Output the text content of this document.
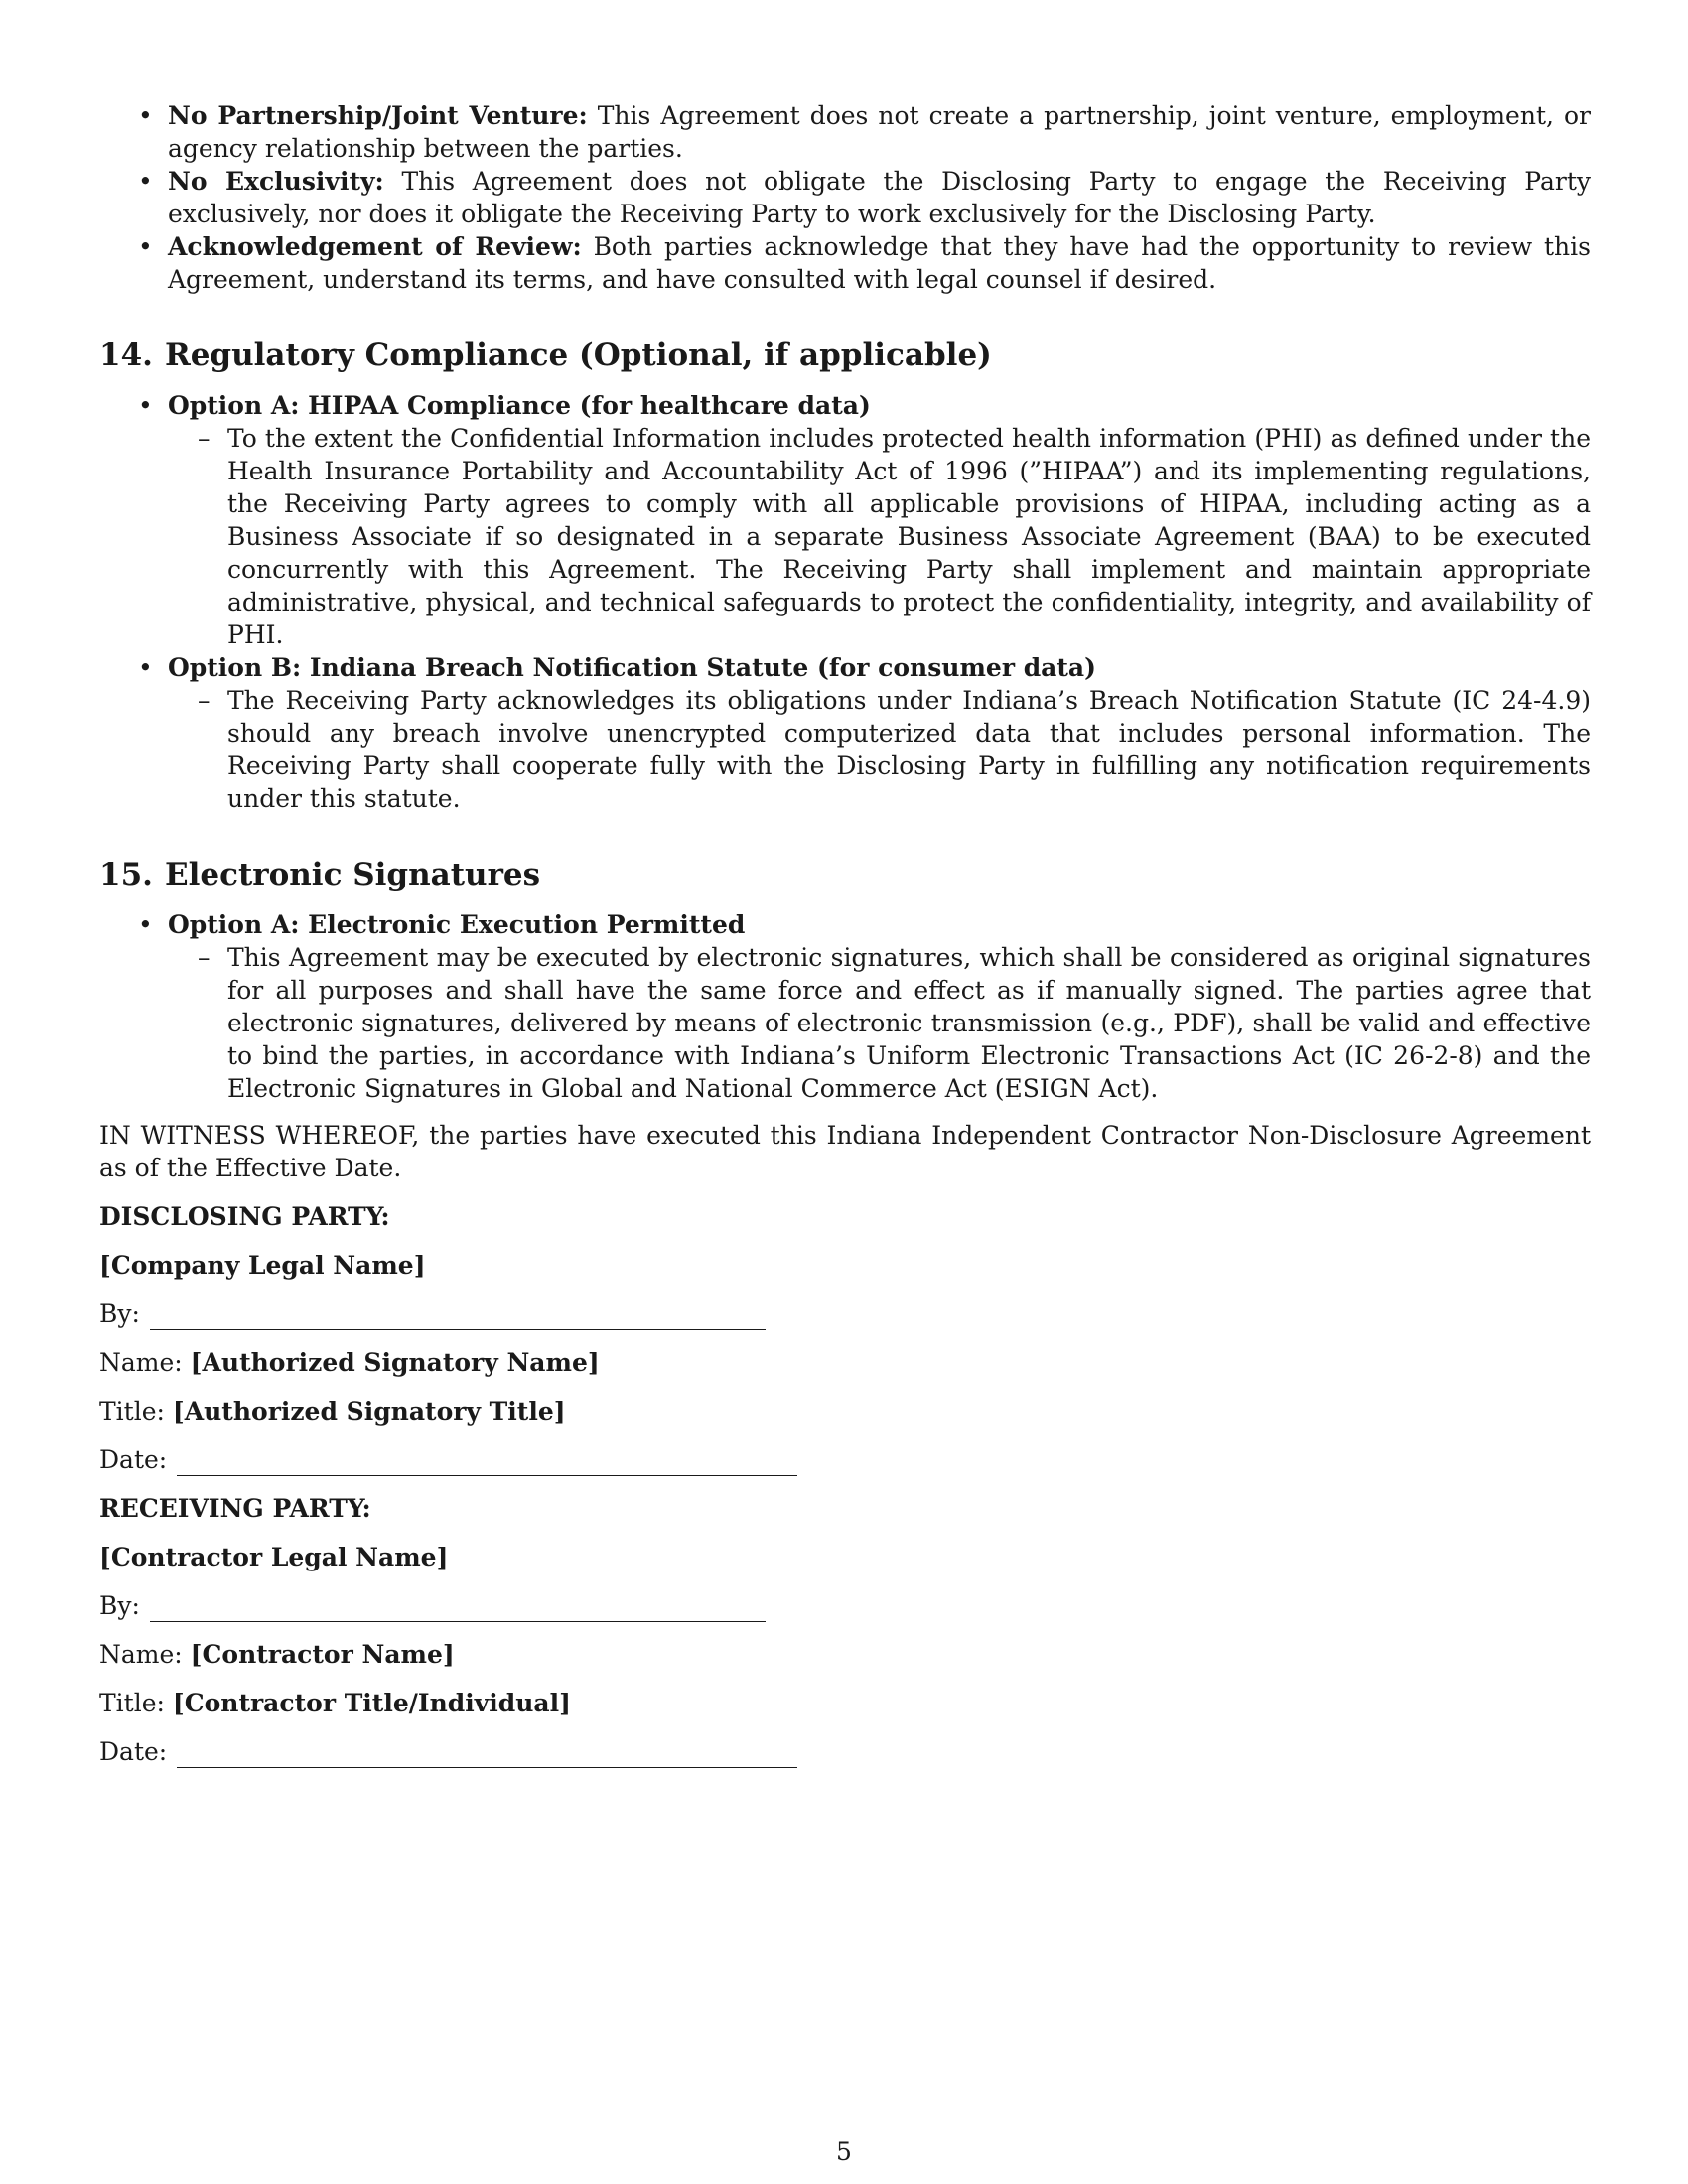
• No Partnership/Joint Venture: This Agreement does not create a partnership, joint venture, employment, or agency relationship between the parties.
• No Exclusivity: This Agreement does not obligate the Disclosing Party to engage the Receiving Party exclusively, nor does it obligate the Receiving Party to work exclusively for the Disclosing Party.
• Acknowledgement of Review: Both parties acknowledge that they have had the opportunity to review this Agreement, understand its terms, and have consulted with legal counsel if desired.
14. Regulatory Compliance (Optional, if applicable)
• Option A: HIPAA Compliance (for healthcare data)
– To the extent the Confidential Information includes protected health information (PHI) as defined under the Health Insurance Portability and Accountability Act of 1996 (”HIPAA”) and its implementing regulations, the Receiving Party agrees to comply with all applicable provisions of HIPAA, including acting as a Business Associate if so designated in a separate Business Associate Agreement (BAA) to be executed concurrently with this Agreement. The Receiving Party shall implement and maintain appropriate administrative, physical, and technical safeguards to protect the confidentiality, integrity, and availability of PHI.
• Option B: Indiana Breach Notification Statute (for consumer data)
– The Receiving Party acknowledges its obligations under Indiana’s Breach Notification Statute (IC 24-4.9) should any breach involve unencrypted computerized data that includes personal information. The Receiving Party shall cooperate fully with the Disclosing Party in fulfilling any notification requirements under this statute.
15. Electronic Signatures
• Option A: Electronic Execution Permitted
– This Agreement may be executed by electronic signatures, which shall be considered as original signatures for all purposes and shall have the same force and effect as if manually signed. The parties agree that electronic signatures, delivered by means of electronic transmission (e.g., PDF), shall be valid and effective to bind the parties, in accordance with Indiana’s Uniform Electronic Transactions Act (IC 26-2-8) and the Electronic Signatures in Global and National Commerce Act (ESIGN Act).

IN WITNESS WHEREOF, the parties have executed this Indiana Independent Contractor Non-Disclosure Agreement as of the Effective Date.

DISCLOSING PARTY:
[Company Legal Name]
By:
Name: [Authorized Signatory Name]
Title: [Authorized Signatory Title]
Date:
RECEIVING PARTY:
[Contractor Legal Name]
By:
Name: [Contractor Name]
Title: [Contractor Title/Individual]
Date:
5
